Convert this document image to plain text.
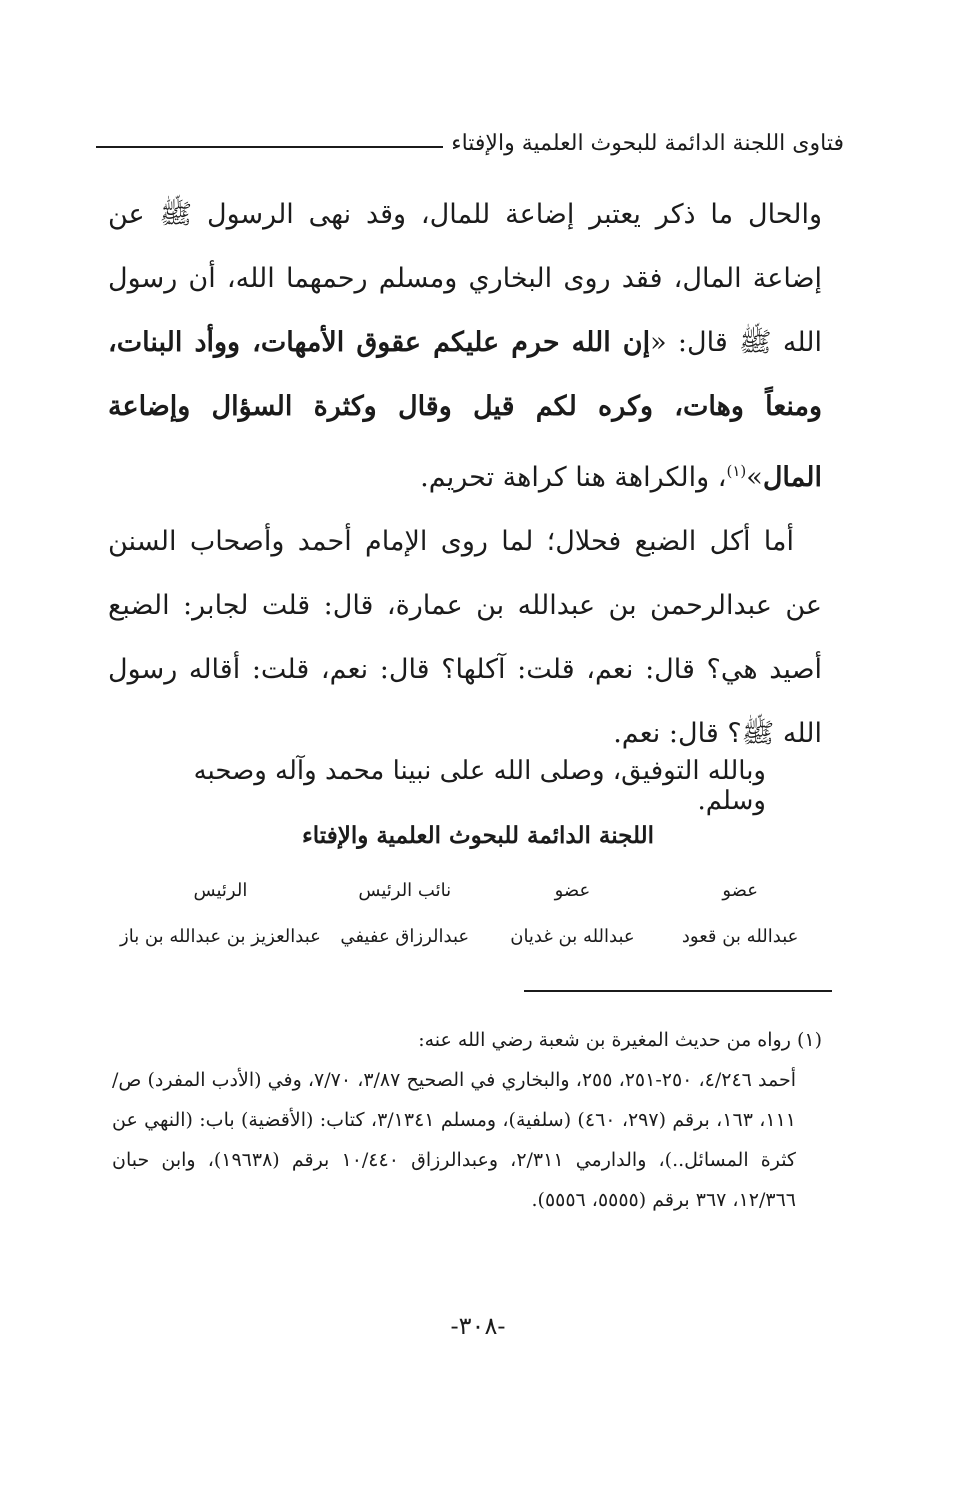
فتاوى اللجنة الدائمة للبحوث العلمية والإفتاء

والحال ما ذكر يعتبر إضاعة للمال، وقد نهى الرسول ﷺ عن إضاعة المال، فقد روى البخاري ومسلم رحمهما الله، أن رسول الله ﷺ قال: «إن الله حرم عليكم عقوق الأمهات، ووأد البنات، ومنعاً وهات، وكره لكم قيل وقال وكثرة السؤال وإضاعة المال»$^{(١)}$، والكراهة هنا كراهة تحريم.

أما أكل الضبع فحلال؛ لما روى الإمام أحمد وأصحاب السنن عن عبدالرحمن بن عبدالله بن عمارة، قال: قلت لجابر: الضبع أصيد هي؟ قال: نعم، قلت: آكلها؟ قال: نعم، قلت: أقاله رسول الله ﷺ؟ قال: نعم.

وبالله التوفيق، وصلى الله على نبينا محمد وآله وصحبه وسلم.
اللجنة الدائمة للبحوث العلمية والإفتاء
عضو
عضو
نائب الرئيس
الرئيس
عبدالله بن قعود
عبدالله بن غديان
عبدالرزاق عفيفي
عبدالعزيز بن عبدالله بن باز

(١) رواه من حديث المغيرة بن شعبة رضي الله عنه:

أحمد ٤/٢٤٦، ٢٥٠-٢٥١، ٢٥٥، والبخاري في الصحيح ٣/٨٧، ٧/٧٠، وفي (الأدب المفرد) ص/١١١، ١٦٣، برقم (٢٩٧، ٤٦٠) (سلفية)، ومسلم ٣/١٣٤١، كتاب: (الأقضية) باب: (النهي عن كثرة المسائل..)، والدارمي ٢/٣١١، وعبدالرزاق ١٠/٤٤٠ برقم (١٩٦٣٨)، وابن حبان ١٢/٣٦٦، ٣٦٧ برقم (٥٥٥٥، ٥٥٥٦).

-٣٠٨-
